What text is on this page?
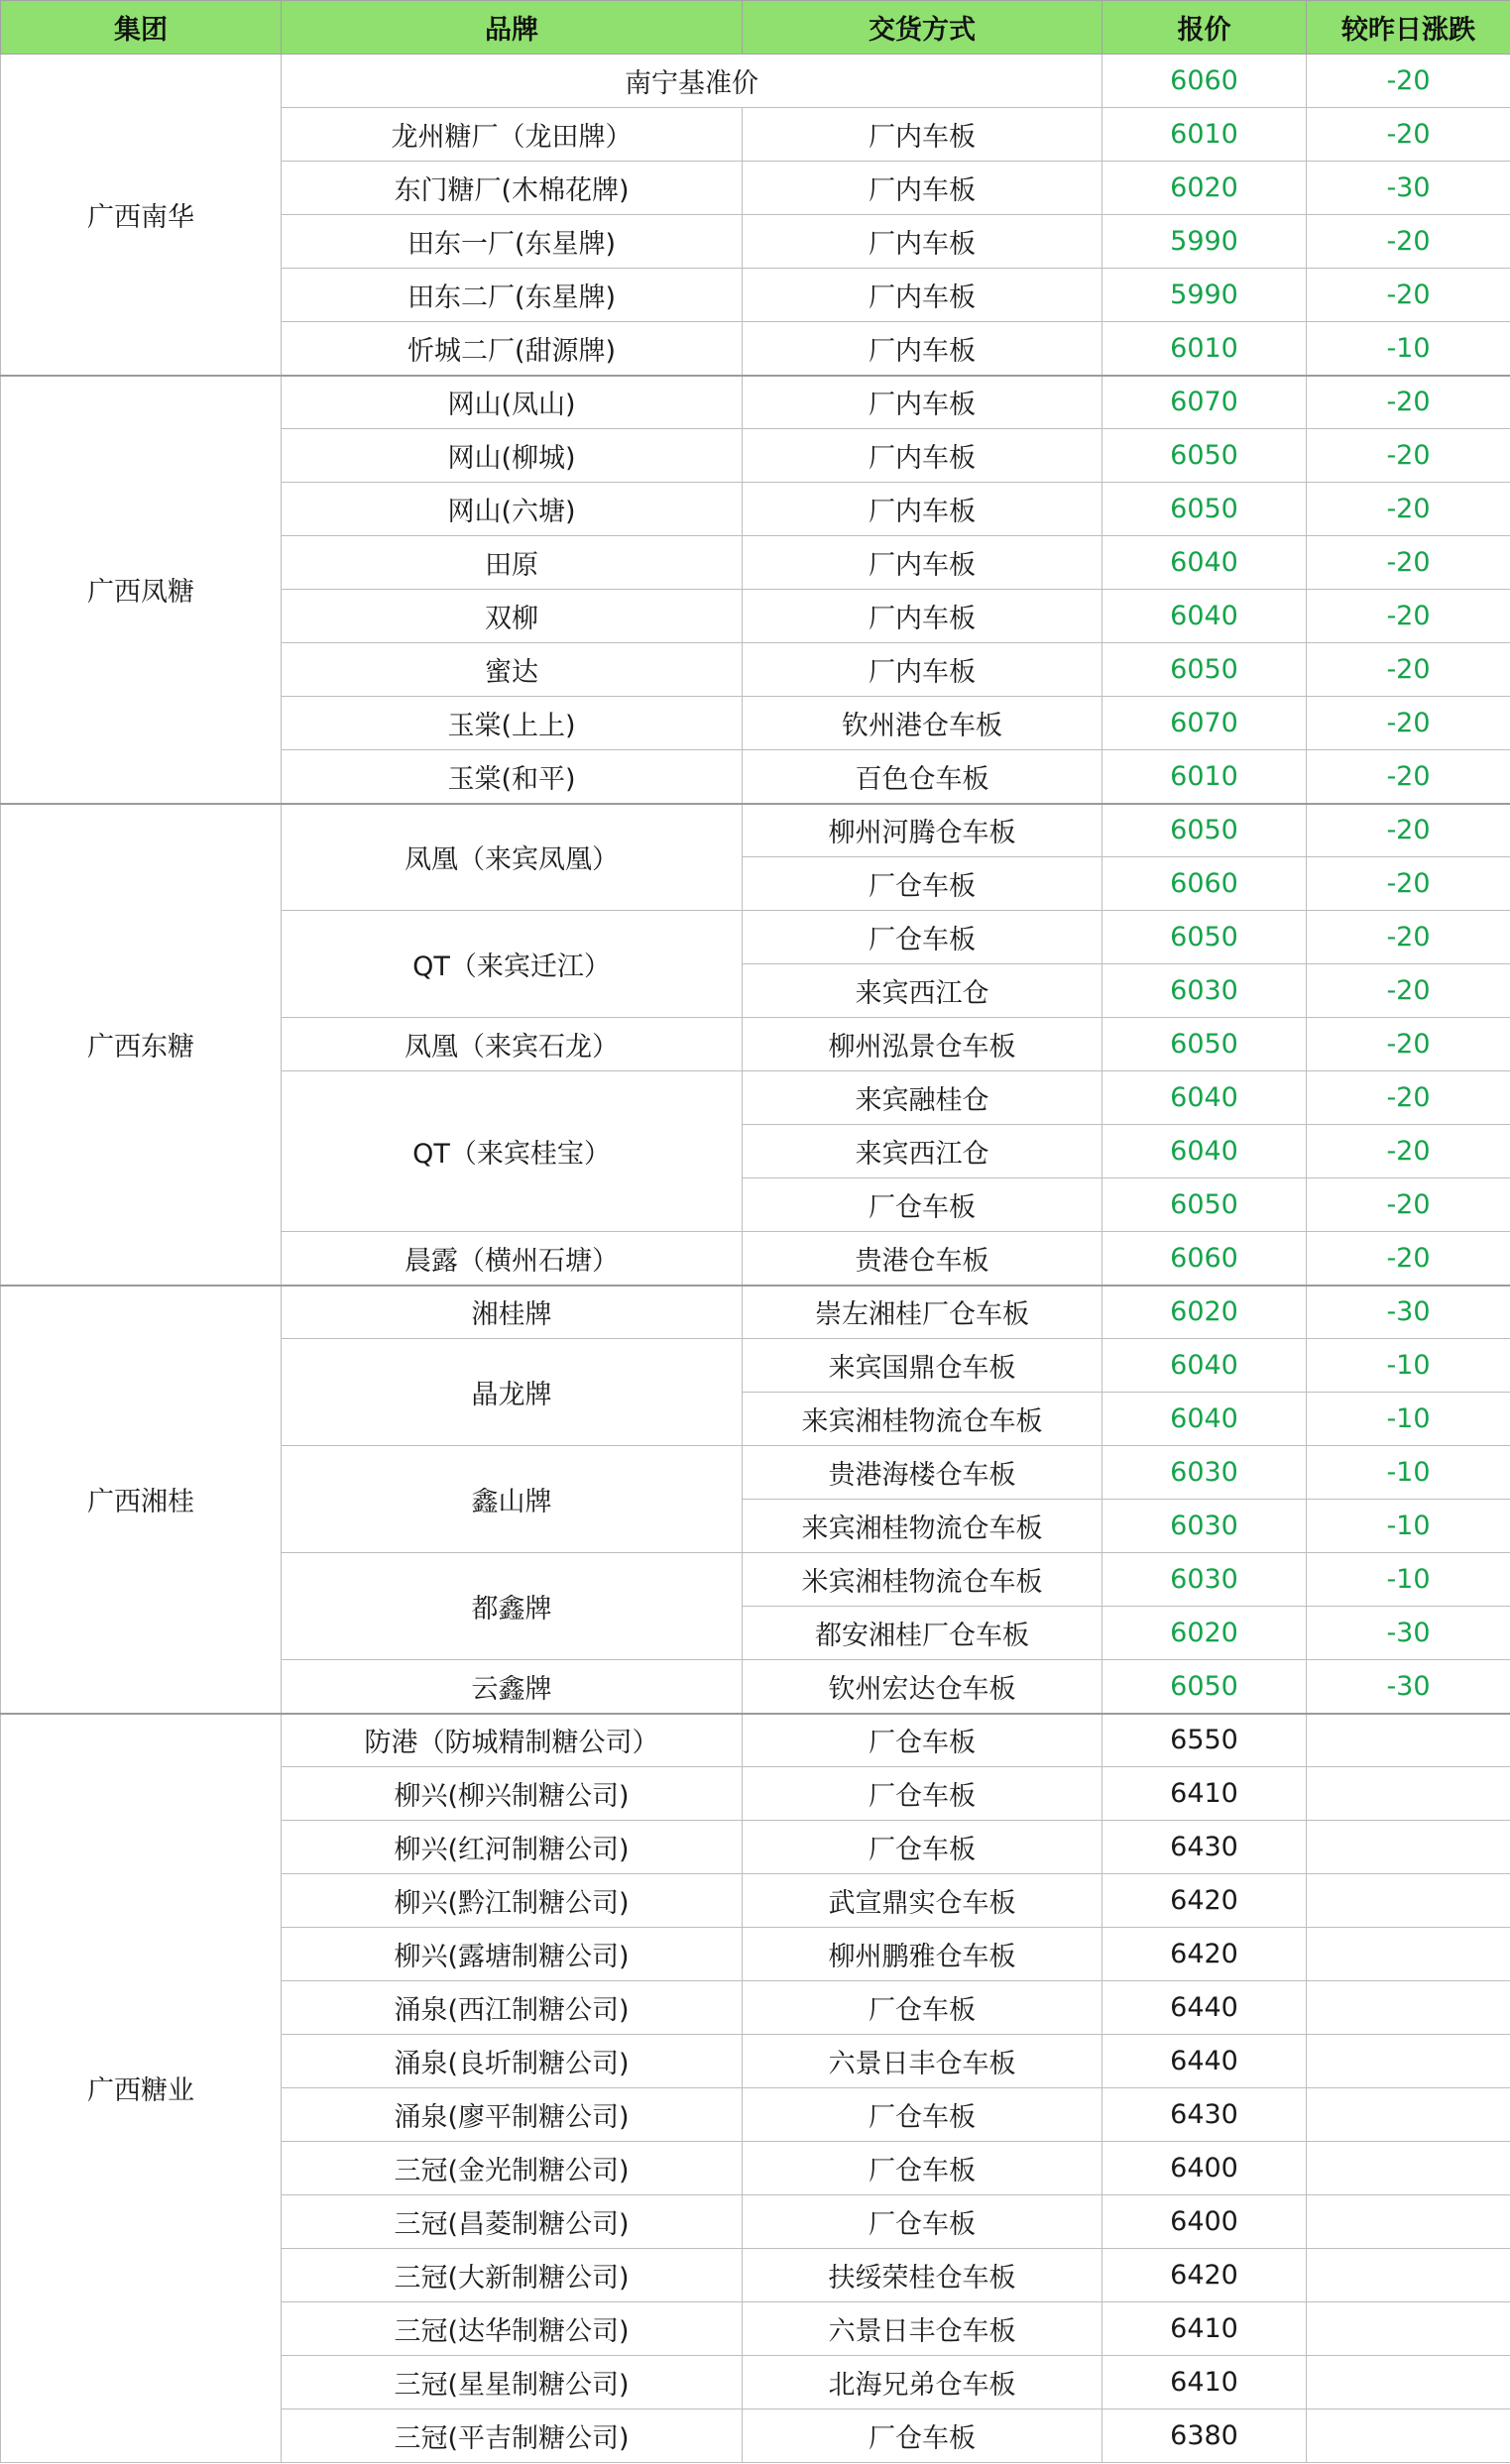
集团	品牌	交货方式	报价	较昨日涨跌
广西南华	南宁基准价		6060	-20
	龙州糖厂（龙田牌）	厂内车板	6010	-20
	东门糖厂(木棉花牌)	厂内车板	6020	-30
	田东一厂(东星牌)	厂内车板	5990	-20
	田东二厂(东星牌)	厂内车板	5990	-20
	忻城二厂(甜源牌)	厂内车板	6010	-10
广西凤糖	网山(凤山)	厂内车板	6070	-20
	网山(柳城)	厂内车板	6050	-20
	网山(六塘)	厂内车板	6050	-20
	田原	厂内车板	6040	-20
	双柳	厂内车板	6040	-20
	蜜达	厂内车板	6050	-20
	玉棠(上上)	钦州港仓车板	6070	-20
	玉棠(和平)	百色仓车板	6010	-20
广西东糖	凤凰（来宾凤凰）	柳州河腾仓车板	6050	-20
		厂仓车板	6060	-20
	QT（来宾迁江）	厂仓车板	6050	-20
		来宾西江仓	6030	-20
	凤凰（来宾石龙）	柳州泓景仓车板	6050	-20
	QT（来宾桂宝）	来宾融桂仓	6040	-20
		来宾西江仓	6040	-20
		厂仓车板	6050	-20
	晨露（横州石塘）	贵港仓车板	6060	-20
广西湘桂	湘桂牌	崇左湘桂厂仓车板	6020	-30
	晶龙牌	来宾国鼎仓车板	6040	-10
		来宾湘桂物流仓车板	6040	-10
	鑫山牌	贵港海楼仓车板	6030	-10
		来宾湘桂物流仓车板	6030	-10
	都鑫牌	米宾湘桂物流仓车板	6030	-10
		都安湘桂厂仓车板	6020	-30
	云鑫牌	钦州宏达仓车板	6050	-30
广西糖业	防港（防城精制糖公司）	厂仓车板	6550	
	柳兴(柳兴制糖公司)	厂仓车板	6410	
	柳兴(红河制糖公司)	厂仓车板	6430	
	柳兴(黔江制糖公司)	武宣鼎实仓车板	6420	
	柳兴(露塘制糖公司)	柳州鹏雅仓车板	6420	
	涌泉(西江制糖公司)	厂仓车板	6440	
	涌泉(良圻制糖公司)	六景日丰仓车板	6440	
	涌泉(廖平制糖公司)	厂仓车板	6430	
	三冠(金光制糖公司)	厂仓车板	6400	
	三冠(昌菱制糖公司)	厂仓车板	6400	
	三冠(大新制糖公司)	扶绥荣桂仓车板	6420	
	三冠(达华制糖公司)	六景日丰仓车板	6410	
	三冠(星星制糖公司)	北海兄弟仓车板	6410	
	三冠(平吉制糖公司)	厂仓车板	6380	
